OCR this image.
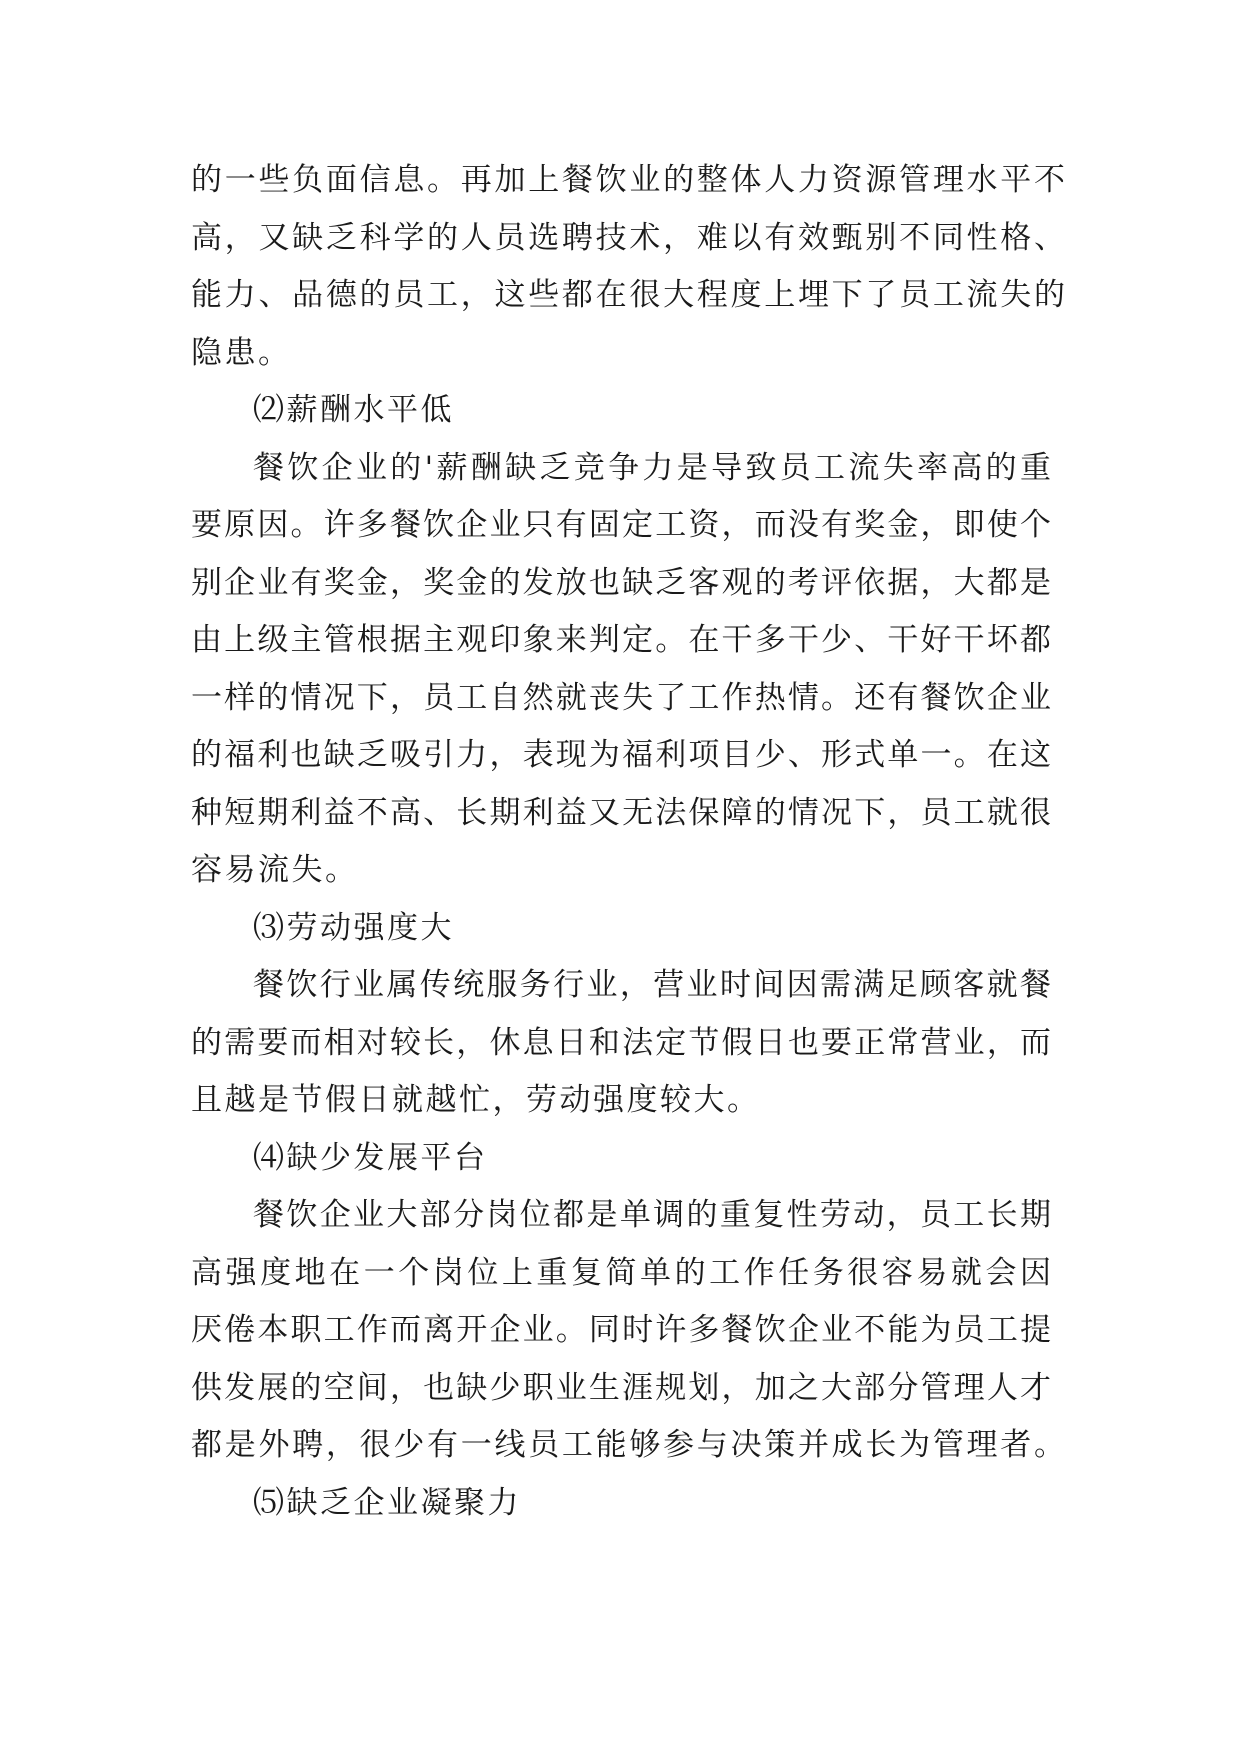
的一些负面信息。再加上餐饮业的整体人力资源管理水平不
高，又缺乏科学的人员选聘技术，难以有效甄别不同性格、
能力、品德的员工，这些都在很大程度上埋下了员工流失的
隐患。
⑵薪酬水平低
餐饮企业的'薪酬缺乏竞争力是导致员工流失率高的重
要原因。许多餐饮企业只有固定工资，而没有奖金，即使个
别企业有奖金，奖金的发放也缺乏客观的考评依据，大都是
由上级主管根据主观印象来判定。在干多干少、干好干坏都
一样的情况下，员工自然就丧失了工作热情。还有餐饮企业
的福利也缺乏吸引力，表现为福利项目少、形式单一。在这
种短期利益不高、长期利益又无法保障的情况下，员工就很
容易流失。
⑶劳动强度大
餐饮行业属传统服务行业，营业时间因需满足顾客就餐
的需要而相对较长，休息日和法定节假日也要正常营业，而
且越是节假日就越忙，劳动强度较大。
⑷缺少发展平台
餐饮企业大部分岗位都是单调的重复性劳动，员工长期
高强度地在一个岗位上重复简单的工作任务很容易就会因
厌倦本职工作而离开企业。同时许多餐饮企业不能为员工提
供发展的空间，也缺少职业生涯规划，加之大部分管理人才
都是外聘，很少有一线员工能够参与决策并成长为管理者。
⑸缺乏企业凝聚力
